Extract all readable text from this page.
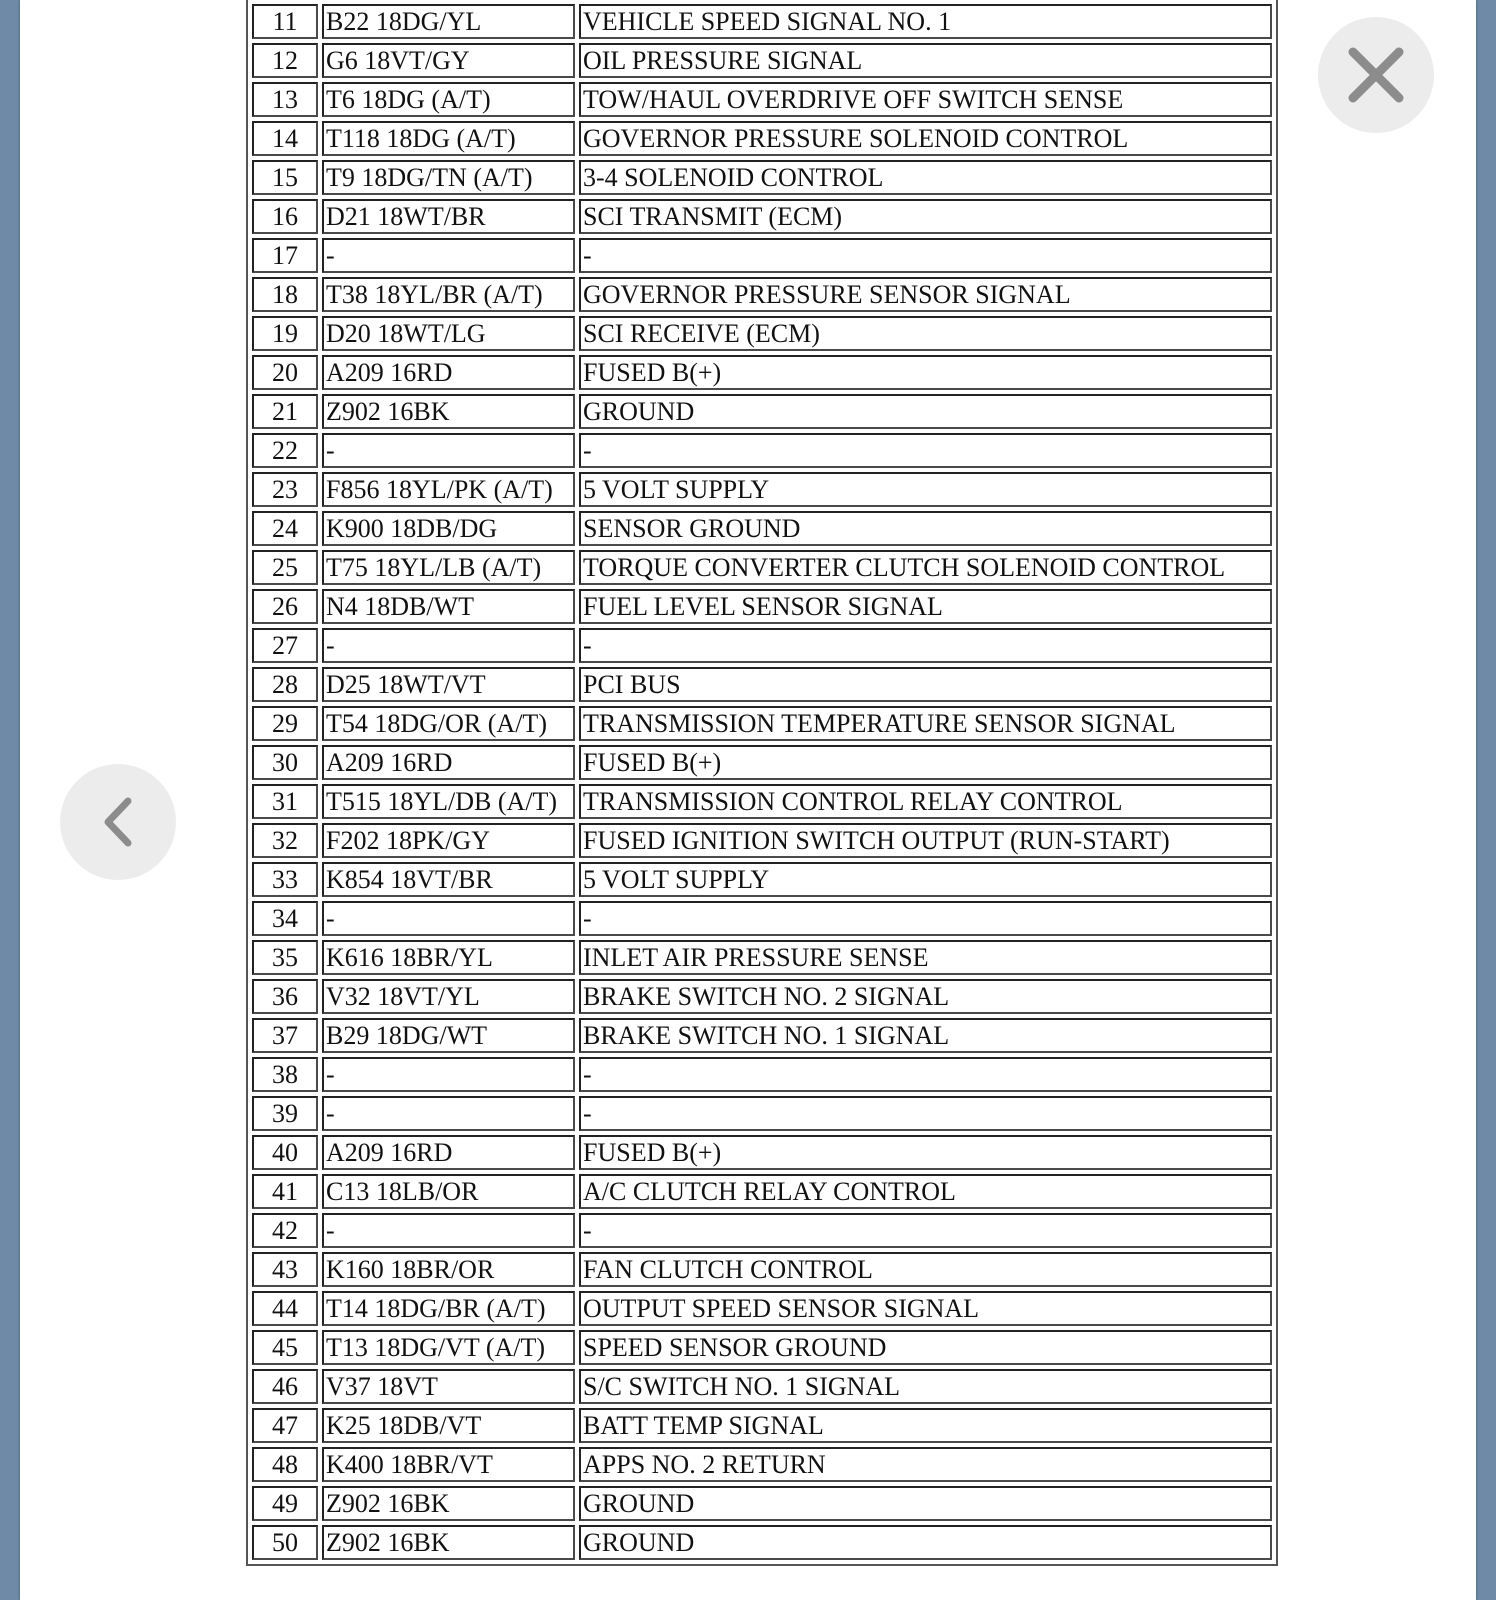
11	B22 18DG/YL	VEHICLE SPEED SIGNAL NO. 1
12	G6 18VT/GY	OIL PRESSURE SIGNAL
13	T6 18DG (A/T)	TOW/HAUL OVERDRIVE OFF SWITCH SENSE
14	T118 18DG (A/T)	GOVERNOR PRESSURE SOLENOID CONTROL
15	T9 18DG/TN (A/T)	3-4 SOLENOID CONTROL
16	D21 18WT/BR	SCI TRANSMIT (ECM)
17	-	-
18	T38 18YL/BR (A/T)	GOVERNOR PRESSURE SENSOR SIGNAL
19	D20 18WT/LG	SCI RECEIVE (ECM)
20	A209 16RD	FUSED B(+)
21	Z902 16BK	GROUND
22	-	-
23	F856 18YL/PK (A/T)	5 VOLT SUPPLY
24	K900 18DB/DG	SENSOR GROUND
25	T75 18YL/LB (A/T)	TORQUE CONVERTER CLUTCH SOLENOID CONTROL
26	N4 18DB/WT	FUEL LEVEL SENSOR SIGNAL
27	-	-
28	D25 18WT/VT	PCI BUS
29	T54 18DG/OR (A/T)	TRANSMISSION TEMPERATURE SENSOR SIGNAL
30	A209 16RD	FUSED B(+)
31	T515 18YL/DB (A/T)	TRANSMISSION CONTROL RELAY CONTROL
32	F202 18PK/GY	FUSED IGNITION SWITCH OUTPUT (RUN-START)
33	K854 18VT/BR	5 VOLT SUPPLY
34	-	-
35	K616 18BR/YL	INLET AIR PRESSURE SENSE
36	V32 18VT/YL	BRAKE SWITCH NO. 2 SIGNAL
37	B29 18DG/WT	BRAKE SWITCH NO. 1 SIGNAL
38	-	-
39	-	-
40	A209 16RD	FUSED B(+)
41	C13 18LB/OR	A/C CLUTCH RELAY CONTROL
42	-	-
43	K160 18BR/OR	FAN CLUTCH CONTROL
44	T14 18DG/BR (A/T)	OUTPUT SPEED SENSOR SIGNAL
45	T13 18DG/VT (A/T)	SPEED SENSOR GROUND
46	V37 18VT	S/C SWITCH NO. 1 SIGNAL
47	K25 18DB/VT	BATT TEMP SIGNAL
48	K400 18BR/VT	APPS NO. 2 RETURN
49	Z902 16BK	GROUND
50	Z902 16BK	GROUND
